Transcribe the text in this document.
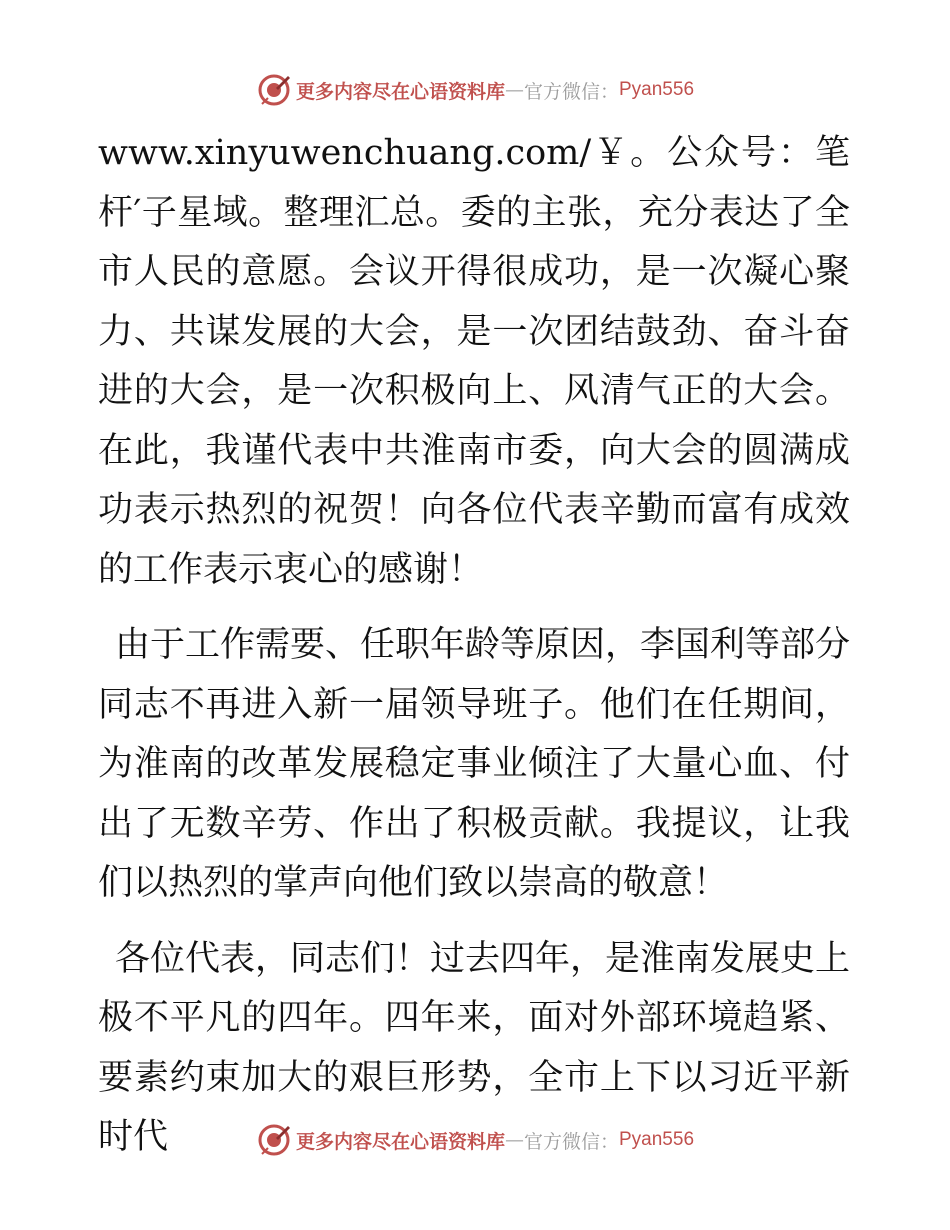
更多内容尽在心语资料库 — 官方微信： Pyan556

www.xinyuwenchuang.com/￥。公众号：笔杆′子星域。整理汇总。委的主张，充分表达了全市人民的意愿。会议开得很成功，是一次凝心聚力、共谋发展的大会，是一次团结鼓劲、奋斗奋进的大会，是一次积极向上、风清气正的大会。在此，我谨代表中共淮南市委，向大会的圆满成功表示热烈的祝贺！向各位代表辛勤而富有成效的工作表示衷心的感谢！

由于工作需要、任职年龄等原因，李国利等部分同志不再进入新一届领导班子。他们在任期间，为淮南的改革发展稳定事业倾注了大量心血、付出了无数辛劳、作出了积极贡献。我提议，让我们以热烈的掌声向他们致以崇高的敬意！

各位代表，同志们！过去四年，是淮南发展史上极不平凡的四年。四年来，面对外部环境趋紧、要素约束加大的艰巨形势，全市上下以习近平新时代	更多内容尽在心语资料库 — 官方微信： Pyan556
